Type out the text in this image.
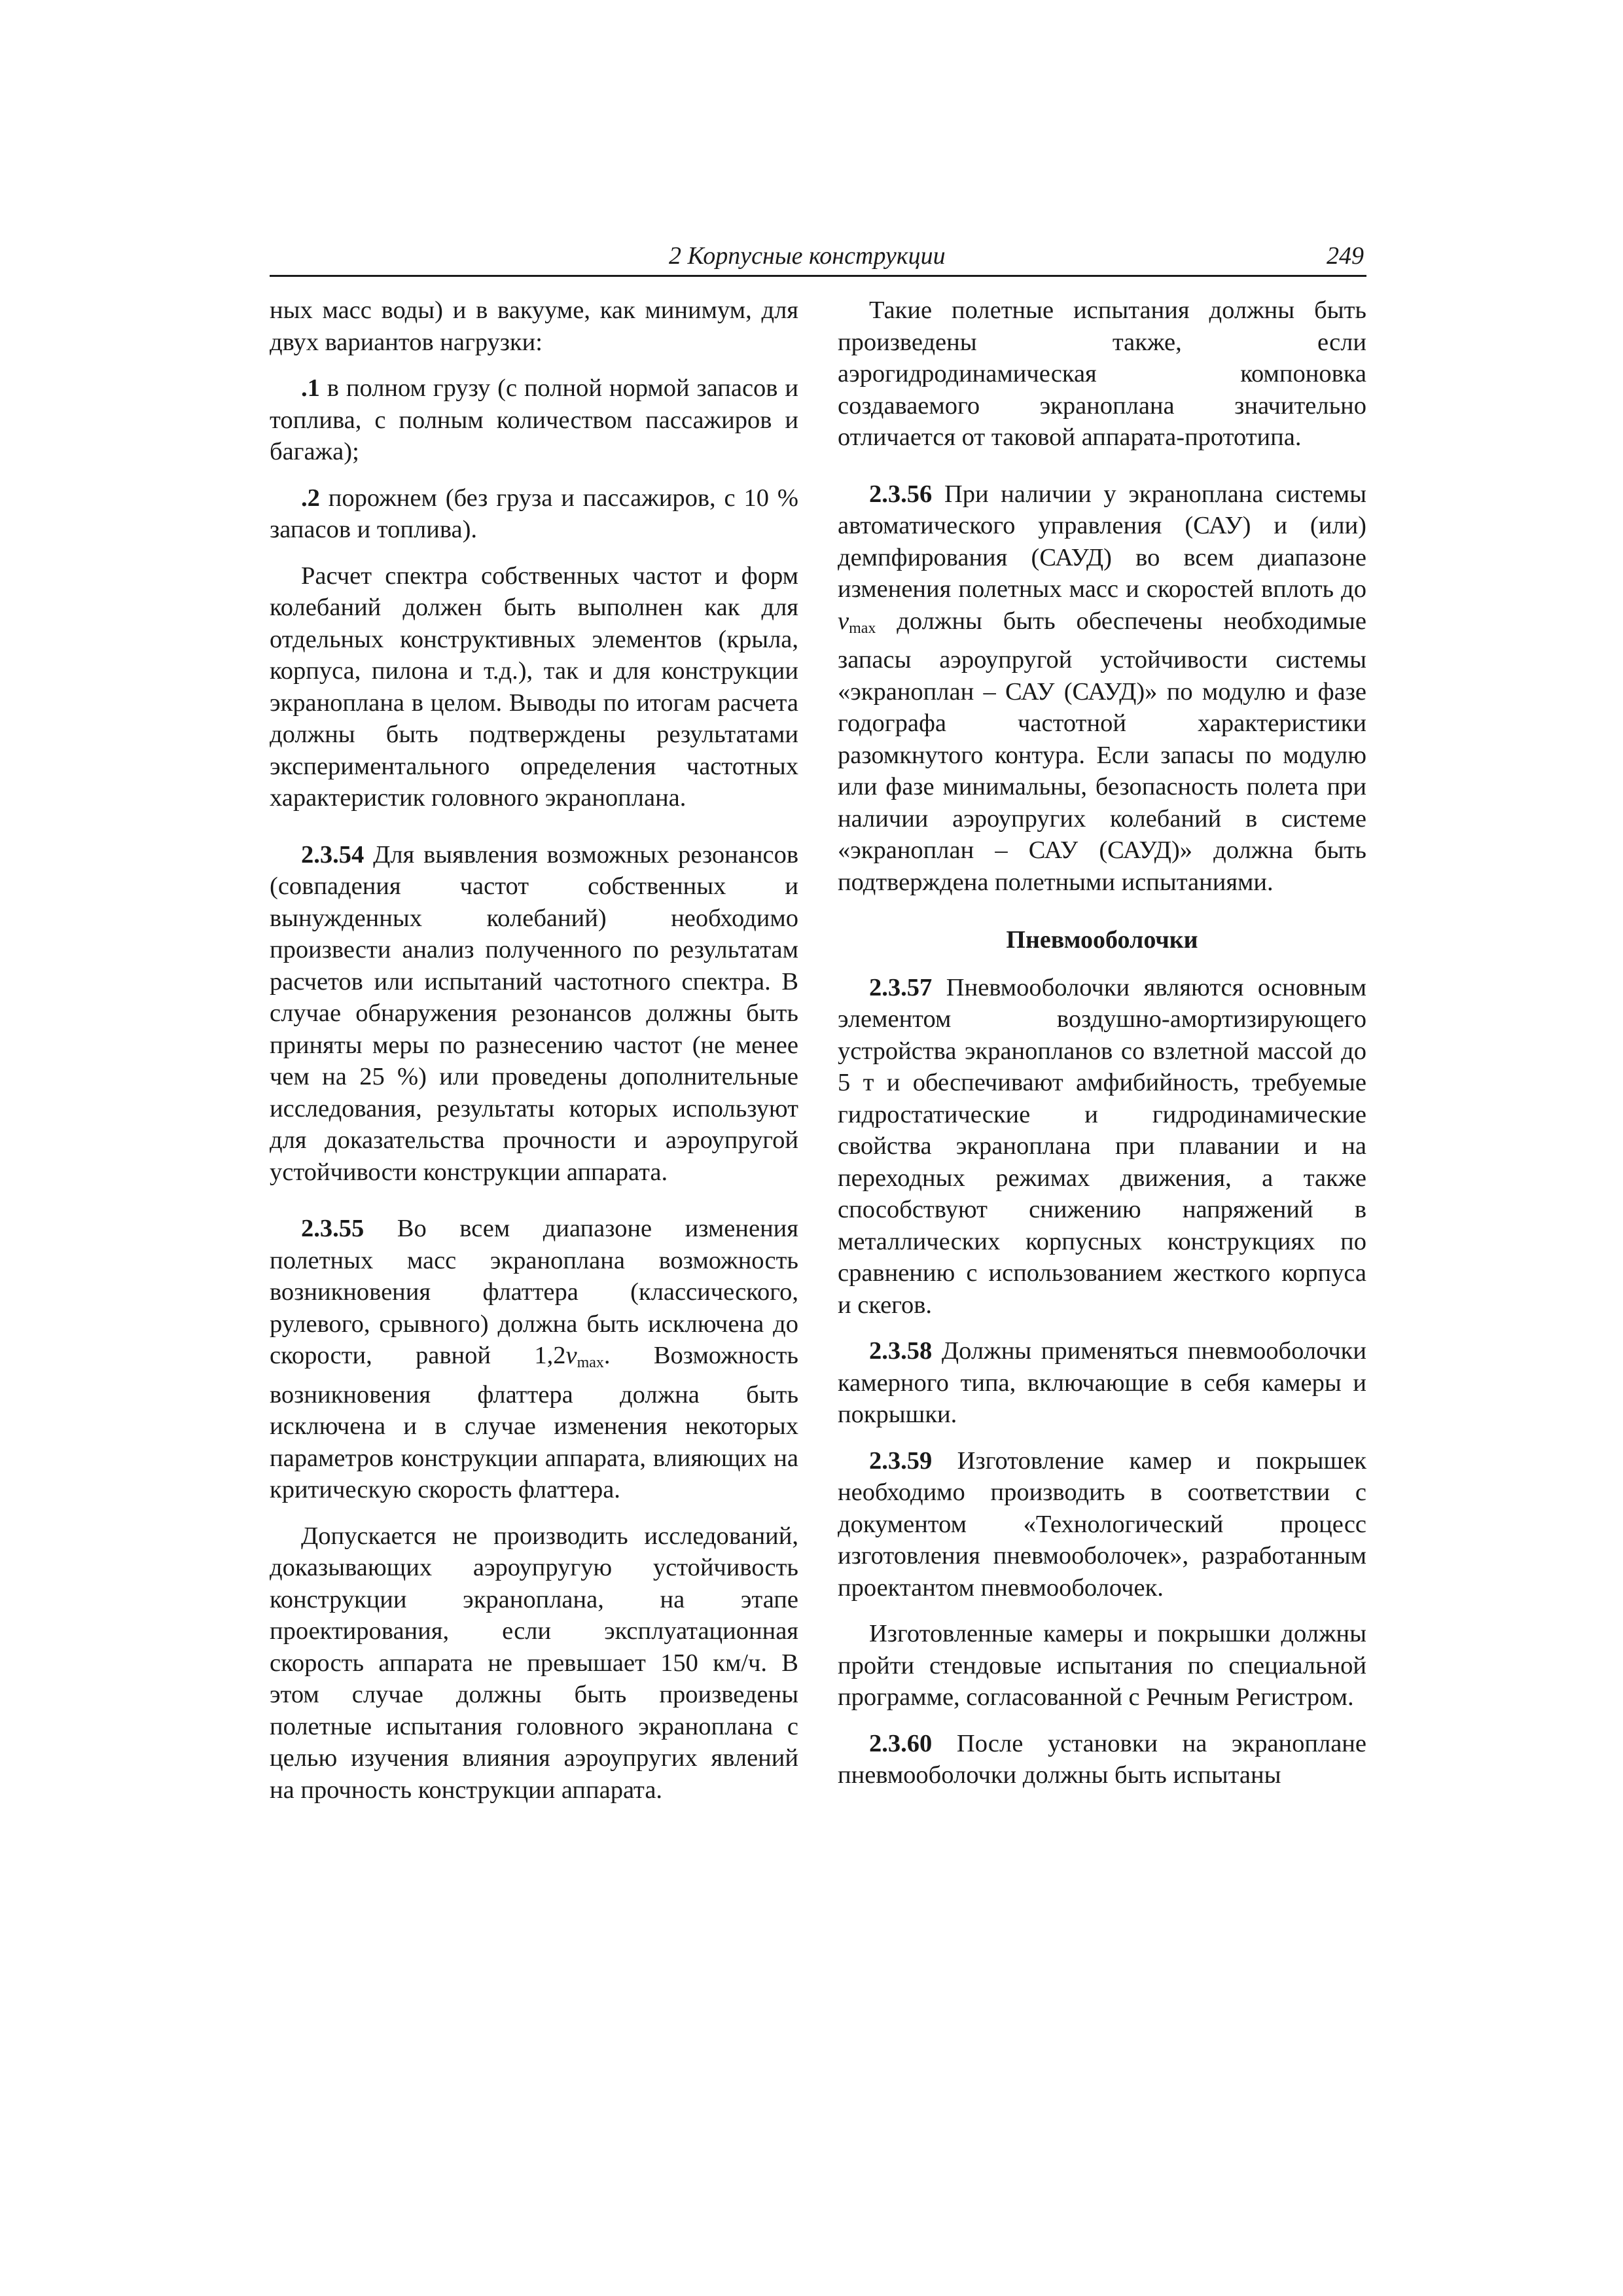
2 Корпусные конструкции	249

ных масс воды) и в вакууме, как минимум, для двух вариантов нагрузки:

.1 в полном грузу (с полной нормой запасов и топлива, с полным количеством пассажиров и багажа);

.2 порожнем (без груза и пассажиров, с 10 % запасов и топлива).

Расчет спектра собственных частот и форм колебаний должен быть выполнен как для отдельных конструктивных элементов (крыла, корпуса, пилона и т.д.), так и для конструкции экраноплана в целом. Выводы по итогам расчета должны быть подтверждены результатами экспериментального определения частотных характеристик головного экраноплана.

2.3.54 Для выявления возможных резонансов (совпадения частот собственных и вынужденных колебаний) необходимо произвести анализ полученного по результатам расчетов или испытаний частотного спектра. В случае обнаружения резонансов должны быть приняты меры по разнесению частот (не менее чем на 25 %) или проведены дополнительные исследования, результаты которых используют для доказательства прочности и аэроупругой устойчивости конструкции аппарата.

2.3.55 Во всем диапазоне изменения полетных масс экраноплана возможность возникновения флаттера (классического, рулевого, срывного) должна быть исключена до скорости, равной $1,2v_{max}$. Возможность возникновения флаттера должна быть исключена и в случае изменения некоторых параметров конструкции аппарата, влияющих на критическую скорость флаттера.

Допускается не производить исследований, доказывающих аэроупругую устойчивость конструкции экраноплана, на этапе проектирования, если эксплуатационная скорость аппарата не превышает 150 км/ч. В этом случае должны быть произведены полетные испытания головного экраноплана с целью изучения влияния аэроупругих явлений на прочность конструкции аппарата.

Такие полетные испытания должны быть произведены также, если аэрогидродинамическая компоновка создаваемого экраноплана значительно отличается от таковой аппарата-прототипа.

2.3.56 При наличии у экраноплана системы автоматического управления (САУ) и (или) демпфирования (САУД) во всем диапазоне изменения полетных масс и скоростей вплоть до $v_{max}$ должны быть обеспечены необходимые запасы аэроупругой устойчивости системы «экраноплан – САУ (САУД)» по модулю и фазе годографа частотной характеристики разомкнутого контура. Если запасы по модулю или фазе минимальны, безопасность полета при наличии аэроупругих колебаний в системе «экраноплан – САУ (САУД)» должна быть подтверждена полетными испытаниями.

Пневмооболочки

2.3.57 Пневмооболочки являются основным элементом воздушно-амортизирующего устройства экранопланов со взлетной массой до 5 т и обеспечивают амфибийность, требуемые гидростатические и гидродинамические свойства экраноплана при плавании и на переходных режимах движения, а также способствуют снижению напряжений в металлических корпусных конструкциях по сравнению с использованием жесткого корпуса и скегов.

2.3.58 Должны применяться пневмооболочки камерного типа, включающие в себя камеры и покрышки.

2.3.59 Изготовление камер и покрышек необходимо производить в соответствии с документом «Технологический процесс изготовления пневмооболочек», разработанным проектантом пневмооболочек.

Изготовленные камеры и покрышки должны пройти стендовые испытания по специальной программе, согласованной с Речным Регистром.

2.3.60 После установки на экраноплане пневмооболочки должны быть испытаны
